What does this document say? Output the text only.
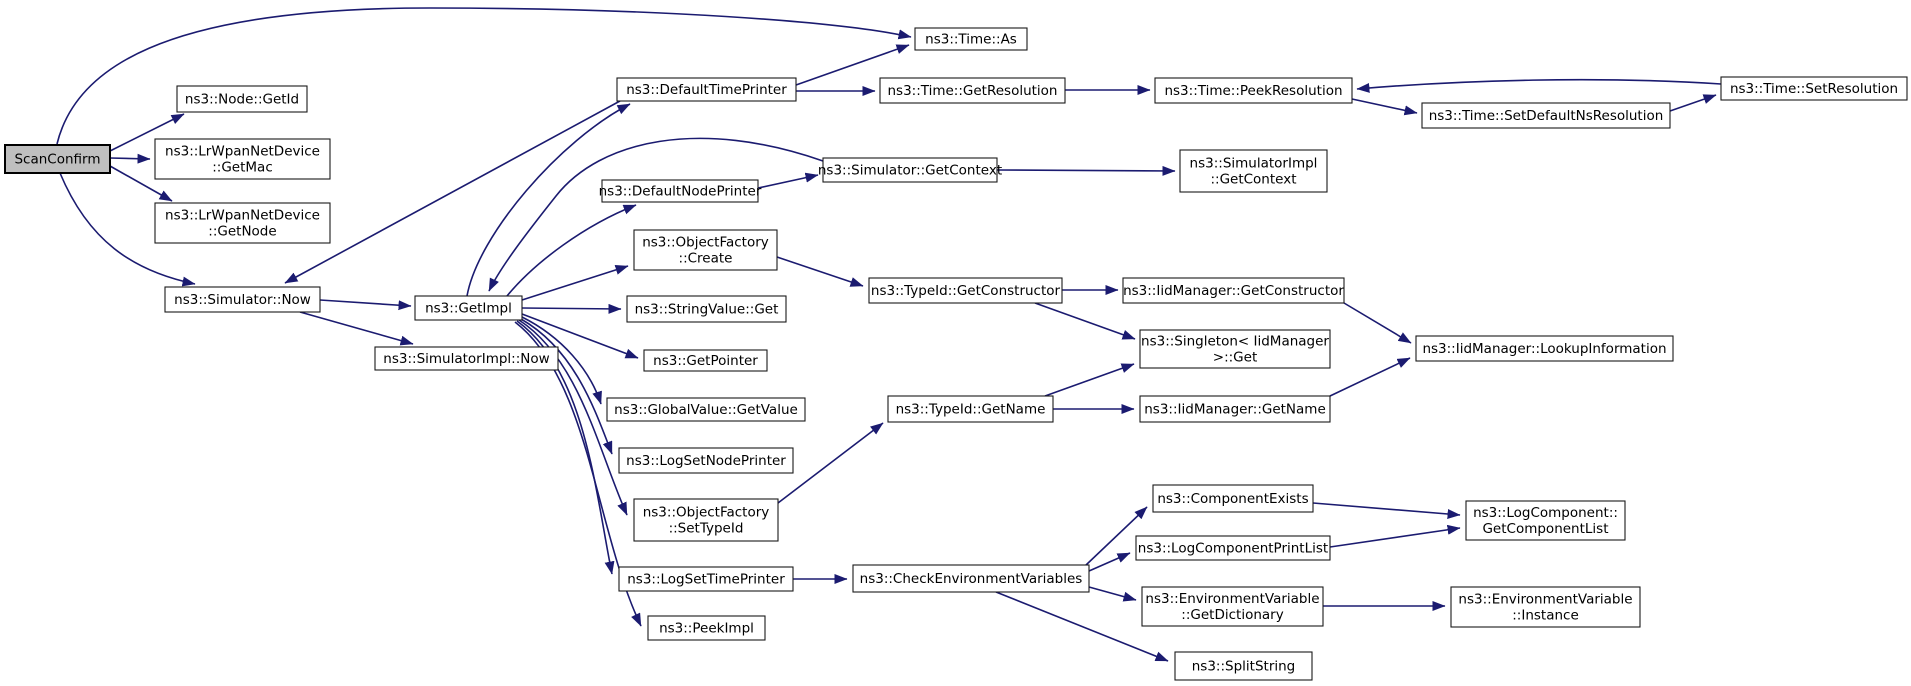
ScanConfirm
ns3::Node::GetId
ns3::LrWpanNetDevice ::GetMac
ns3::LrWpanNetDevice ::GetNode
ns3::Simulator::Now
ns3::GetImpl
ns3::SimulatorImpl::Now
ns3::Time::As
ns3::DefaultTimePrinter	ns3::Time::GetResolution	ns3::Time::PeekResolution
ns3::Time::SetDefaultNsResolution
ns3::Time::SetResolution
ns3::Simulator::GetContext	ns3::SimulatorImpl ::GetContext
ns3::DefaultNodePrinter
ns3::ObjectFactory ::Create
ns3::StringValue::Get
ns3::GetPointer
ns3::GlobalValue::GetValue
ns3::LogSetNodePrinter
ns3::ObjectFactory ::SetTypeId
ns3::LogSetTimePrinter
ns3::PeekImpl
ns3::TypeId::GetConstructor	ns3::IidManager::GetConstructor
ns3::Singleton< IidManager >::Get
ns3::TypeId::GetName	ns3::IidManager::GetName
ns3::IidManager::LookupInformation
ns3::CheckEnvironmentVariables
ns3::ComponentExists
ns3::LogComponentPrintList
ns3::EnvironmentVariable ::GetDictionary
ns3::SplitString
ns3::LogComponent:: GetComponentList
ns3::EnvironmentVariable ::Instance
